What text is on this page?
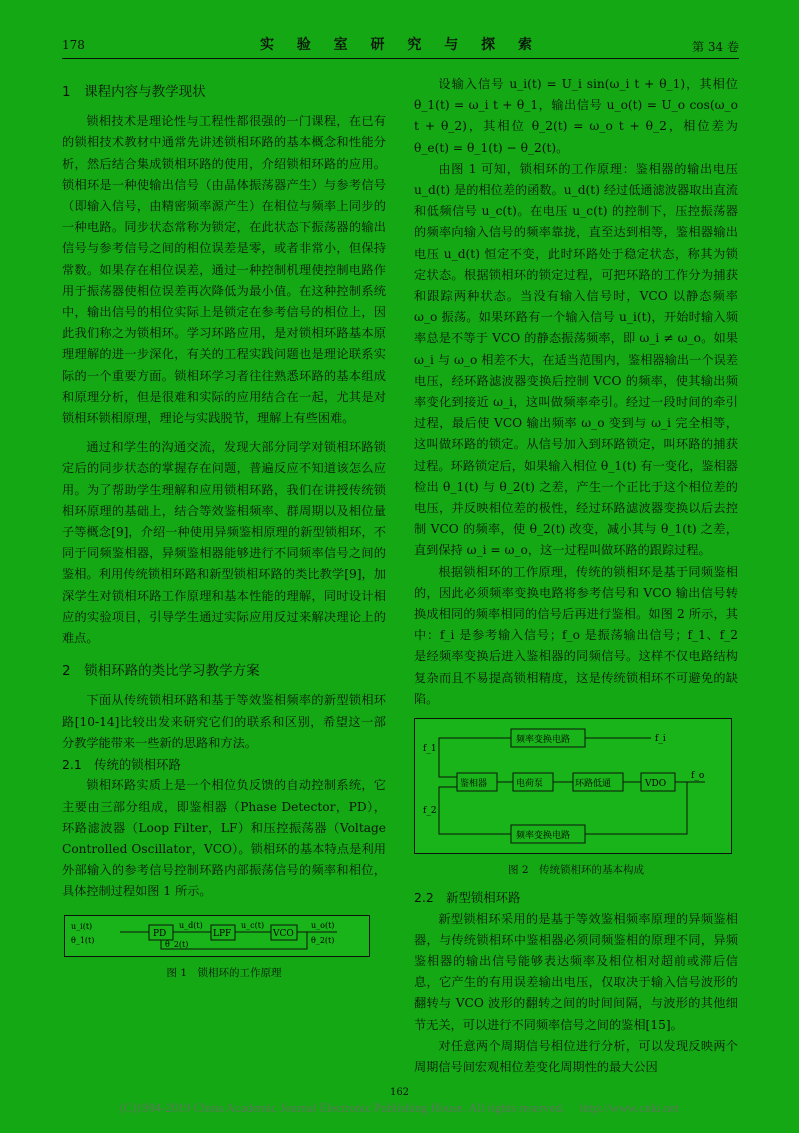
178	实 验 室 研 究 与 探 索	第 34 卷
1　课程内容与教学现状

锁相技术是理论性与工程性都很强的一门课程，在已有的锁相技术教材中通常先讲述锁相环路的基本概念和性能分析，然后结合集成锁相环路的使用，介绍锁相环路的应用。锁相环是一种使输出信号（由晶体振荡器产生）与参考信号（即输入信号，由精密频率源产生）在相位与频率上同步的一种电路。同步状态常称为锁定，在此状态下振荡器的输出信号与参考信号之间的相位误差是零，或者非常小，但保持常数。如果存在相位误差，通过一种控制机理使控制电路作用于振荡器使相位误差再次降低为最小值。在这种控制系统中，输出信号的相位实际上是锁定在参考信号的相位上，因此我们称之为锁相环。学习环路应用，是对锁相环路基本原理理解的进一步深化，有关的工程实践问题也是理论联系实际的一个重要方面。锁相环学习者往往熟悉环路的基本组成和原理分析，但是很难和实际的应用结合在一起，尤其是对锁相环锁相原理，理论与实践脱节，理解上有些困难。

通过和学生的沟通交流，发现大部分同学对锁相环路锁定后的同步状态的掌握存在问题，普遍反应不知道该怎么应用。为了帮助学生理解和应用锁相环路，我们在讲授传统锁相环原理的基础上，结合等效鉴相频率、群周期以及相位量子等概念[9]，介绍一种使用异频鉴相原理的新型锁相环，不同于同频鉴相器，异频鉴相器能够进行不同频率信号之间的鉴相。利用传统锁相环路和新型锁相环路的类比教学[9]，加深学生对锁相环路工作原理和基本性能的理解，同时设计相应的实验项目，引导学生通过实际应用反过来解决理论上的难点。

2　锁相环路的类比学习教学方案

下面从传统锁相环路和基于等效鉴相频率的新型锁相环路[10-14]比较出发来研究它们的联系和区别，希望这一部分教学能带来一些新的思路和方法。

2.1　传统的锁相环路

锁相环路实质上是一个相位负反馈的自动控制系统，它主要由三部分组成，即鉴相器（Phase Detector，PD），环路滤波器（Loop Filter，LF）和压控振荡器（Voltage Controlled Oscillator，VCO）。锁相环的基本特点是利用外部输入的参考信号控制环路内部振荡信号的频率和相位，具体控制过程如图 1 所示。

u_i(t)
θ_1(t)
PD
u_d(t)
LPF
u_c(t)
VCO
u_o(t)
θ_2(t)	θ_2(t)
图 1　锁相环的工作原理

设输入信号 u_i(t) = U_i sin(ω_i t + θ_1)，其相位 θ_1(t) = ω_i t + θ_1，输出信号 u_o(t) = U_o cos(ω_o t + θ_2)，其相位 θ_2(t) = ω_o t + θ_2，相位差为 θ_e(t) = θ_1(t) − θ_2(t)。

由图 1 可知，锁相环的工作原理：鉴相器的输出电压 u_d(t) 是的相位差的函数。u_d(t) 经过低通滤波器取出直流和低频信号 u_c(t)。在电压 u_c(t) 的控制下，压控振荡器的频率向输入信号的频率靠拢，直至达到相等，鉴相器输出电压 u_d(t) 恒定不变，此时环路处于稳定状态，称其为锁定状态。根据锁相环的锁定过程，可把环路的工作分为捕获和跟踪两种状态。当没有输入信号时，VCO 以静态频率 ω_o 振荡。如果环路有一个输入信号 u_i(t)，开始时输入频率总是不等于 VCO 的静态振荡频率，即 ω_i ≠ ω_o。如果 ω_i 与 ω_o 相差不大，在适当范围内，鉴相器输出一个误差电压，经环路滤波器变换后控制 VCO 的频率，使其输出频率变化到接近 ω_i，这叫做频率牵引。经过一段时间的牵引过程，最后使 VCO 输出频率 ω_o 变到与 ω_i 完全相等，这叫做环路的锁定。从信号加入到环路锁定，叫环路的捕获过程。环路锁定后，如果输入相位 θ_1(t) 有一变化，鉴相器检出 θ_1(t) 与 θ_2(t) 之差，产生一个正比于这个相位差的电压，并反映相位差的极性，经过环路滤波器变换以后去控制 VCO 的频率，使 θ_2(t) 改变，减小其与 θ_1(t) 之差，直到保持 ω_i = ω_o，这一过程叫做环路的跟踪过程。

根据锁相环的工作原理，传统的锁相环是基于同频鉴相的，因此必须频率变换电路将参考信号和 VCO 输出信号转换成相同的频率相同的信号后再进行鉴相。如图 2 所示，其中：f_i 是参考输入信号；f_o 是振荡输出信号；f_1、f_2 是经频率变换后进入鉴相器的同频信号。这样不仅电路结构复杂而且不易提高锁相精度，这是传统锁相环不可避免的缺陷。

频率变换电路
频率变换电路
鉴相器	电荷泵	环路低通	VDO
f_1
f_2
f_i
f_o
图 2　传统锁相环的基本构成
2.2　新型锁相环路

新型锁相环采用的是基于等效鉴相频率原理的异频鉴相器，与传统锁相环中鉴相器必须同频鉴相的原理不同，异频鉴相器的输出信号能够表达频率及相位相对超前或滞后信息，它产生的有用误差输出电压，仅取决于输入信号波形的翻转与 VCO 波形的翻转之间的时间间隔，与波形的其他细节无关，可以进行不同频率信号之间的鉴相[15]。

对任意两个周期信号相位进行分析，可以发现反映两个周期信号间宏观相位差变化周期性的最大公因

162
(C)1994-2019 China Academic Journal Electronic Publishing House. All rights reserved.　 http://www.cnki.net
